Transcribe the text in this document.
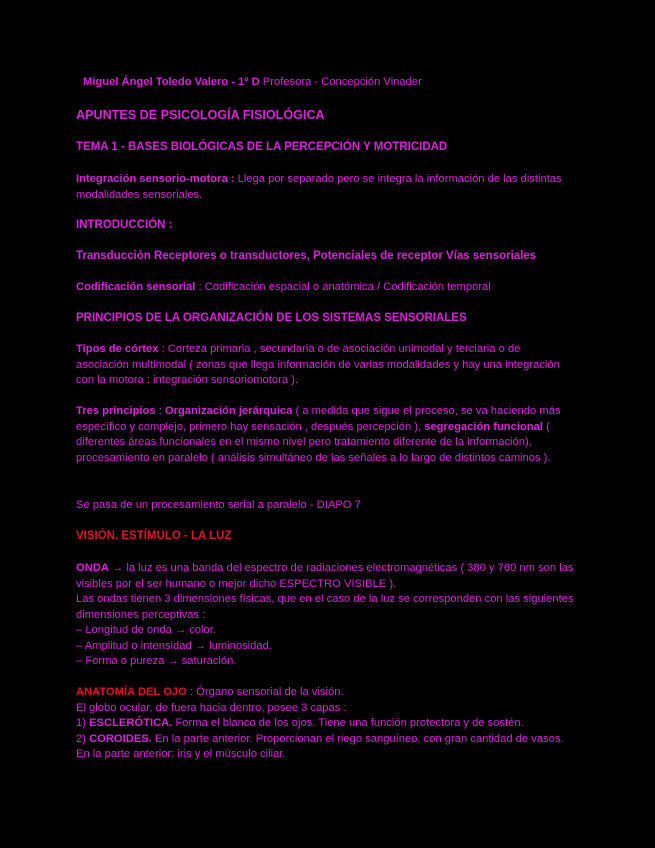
Miguel Ángel Toledo Valero - 1º D Profesora - Concepción Vinader
APUNTES DE PSICOLOGÍA FISIOLÓGICA
TEMA 1 - BASES BIOLÓGICAS DE LA PERCEPCIÓN Y MOTRICIDAD
Integración sensorio-motora : Llega por separado pero se integra la información de las distintas modalidades sensoriales.
INTRODUCCIÓN :
Transducción Receptores o transductores, Potenciales de receptor Vías sensoriales
Codificación sensorial : Codificación espacial o anatómica / Codificación temporal
PRINCIPIOS DE LA ORGANIZACIÓN DE LOS SISTEMAS SENSORIALES
Tipos de córtex : Corteza primaria , secundaria o de asociación unimodal y terciaria o de asociación multimodal ( zonas que llega información de varias modalidades y hay una integración con la motora : integración sensoriomotora ).
Tres principios : Organización jerárquica ( a medida que sigue el proceso, se va haciendo más específico y complejo, primero hay sensación , después percepción ), segregación funcional ( diferentes áreas funcionales en el mismo nivel pero tratamiento diferente de la información), procesamiento en paralelo ( análisis simultáneo de las señales a lo largo de distintos caminos ).
Se pasa de un procesamiento serial a paralelo - DIAPO 7
VISIÓN. ESTÍMULO - LA LUZ

ONDA → la luz es una banda del espectro de radiaciones electromagnéticas ( 380 y 760 nm son las visibles por el ser humano o mejor dicho ESPECTRO VISIBLE ).

Las ondas tienen 3 dimensiones físicas, que en el caso de la luz se corresponden con las siguientes dimensiones perceptivas :

– Longitud de onda → color.

– Amplitud o intensidad → luminosidad.

– Forma o pureza → saturación.

ANATOMÍA DEL OJO : Órgano sensorial de la visión.

El globo ocular, de fuera hacia dentro, posee 3 capas :

1) ESCLERÓTICA. Forma el blanco de los ojos. Tiene una función protectora y de sostén.

2) COROIDES. En la parte anterior. Proporcionan el riego sanguíneo, con gran cantidad de vasos. En la parte anterior: iris y el músculo ciliar.
